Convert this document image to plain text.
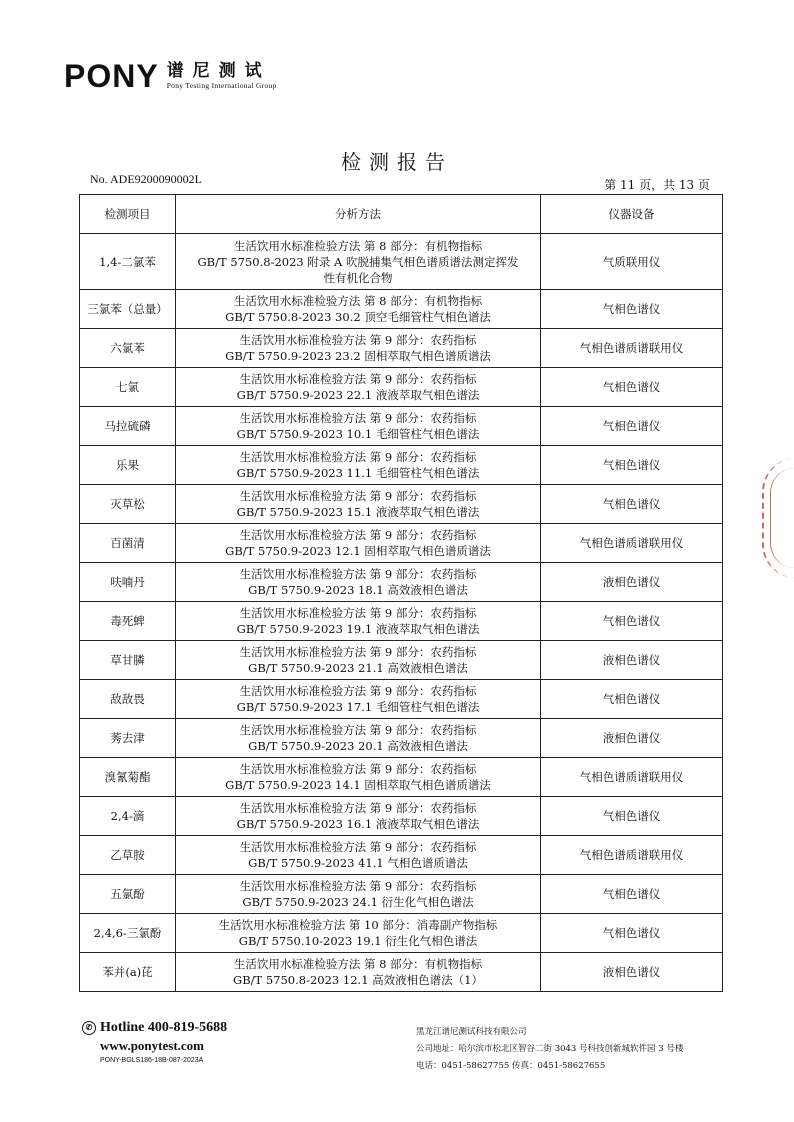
PONY 谱尼测试
Pony Testing International Group
检测报告
No. ADE9200090002L	第 11 页，共 13 页
检测项目	分析方法	仪器设备
1,4-二氯苯	生活饮用水标准检验方法 第 8 部分：有机物指标
GB/T 5750.8-2023 附录 A 吹脱捕集气相色谱质谱法测定挥发
性有机化合物	气质联用仪
三氯苯（总量）	生活饮用水标准检验方法 第 8 部分：有机物指标
GB/T 5750.8-2023 30.2 顶空毛细管柱气相色谱法	气相色谱仪
六氯苯	生活饮用水标准检验方法 第 9 部分：农药指标
GB/T 5750.9-2023 23.2 固相萃取气相色谱质谱法	气相色谱质谱联用仪
七氯	生活饮用水标准检验方法 第 9 部分：农药指标
GB/T 5750.9-2023 22.1 液液萃取气相色谱法	气相色谱仪
马拉硫磷	生活饮用水标准检验方法 第 9 部分：农药指标
GB/T 5750.9-2023 10.1 毛细管柱气相色谱法	气相色谱仪
乐果	生活饮用水标准检验方法 第 9 部分：农药指标
GB/T 5750.9-2023 11.1 毛细管柱气相色谱法	气相色谱仪
灭草松	生活饮用水标准检验方法 第 9 部分：农药指标
GB/T 5750.9-2023 15.1 液液萃取气相色谱法	气相色谱仪
百菌清	生活饮用水标准检验方法 第 9 部分：农药指标
GB/T 5750.9-2023 12.1 固相萃取气相色谱质谱法	气相色谱质谱联用仪
呋喃丹	生活饮用水标准检验方法 第 9 部分：农药指标
GB/T 5750.9-2023 18.1 高效液相色谱法	液相色谱仪
毒死蜱	生活饮用水标准检验方法 第 9 部分：农药指标
GB/T 5750.9-2023 19.1 液液萃取气相色谱法	气相色谱仪
草甘膦	生活饮用水标准检验方法 第 9 部分：农药指标
GB/T 5750.9-2023 21.1 高效液相色谱法	液相色谱仪
敌敌畏	生活饮用水标准检验方法 第 9 部分：农药指标
GB/T 5750.9-2023 17.1 毛细管柱气相色谱法	气相色谱仪
莠去津	生活饮用水标准检验方法 第 9 部分：农药指标
GB/T 5750.9-2023 20.1 高效液相色谱法	液相色谱仪
溴氰菊酯	生活饮用水标准检验方法 第 9 部分：农药指标
GB/T 5750.9-2023 14.1 固相萃取气相色谱质谱法	气相色谱质谱联用仪
2,4-滴	生活饮用水标准检验方法 第 9 部分：农药指标
GB/T 5750.9-2023 16.1 液液萃取气相色谱法	气相色谱仪
乙草胺	生活饮用水标准检验方法 第 9 部分：农药指标
GB/T 5750.9-2023 41.1 气相色谱质谱法	气相色谱质谱联用仪
五氯酚	生活饮用水标准检验方法 第 9 部分：农药指标
GB/T 5750.9-2023 24.1 衍生化气相色谱法	气相色谱仪
2,4,6-三氯酚	生活饮用水标准检验方法 第 10 部分：消毒副产物指标
GB/T 5750.10-2023 19.1 衍生化气相色谱法	气相色谱仪
苯并(a)芘	生活饮用水标准检验方法 第 8 部分：有机物指标
GB/T 5750.8-2023 12.1 高效液相色谱法（1）	液相色谱仪
✆ Hotline 400-819-5688
www.ponytest.com
PONY-BGLS186-18B-087-2023A
黑龙江谱尼测试科技有限公司
公司地址：哈尔滨市松北区智谷二街 3043 号科技创新城软件园 3 号楼
电话：0451-58627755 传真：0451-58627655
